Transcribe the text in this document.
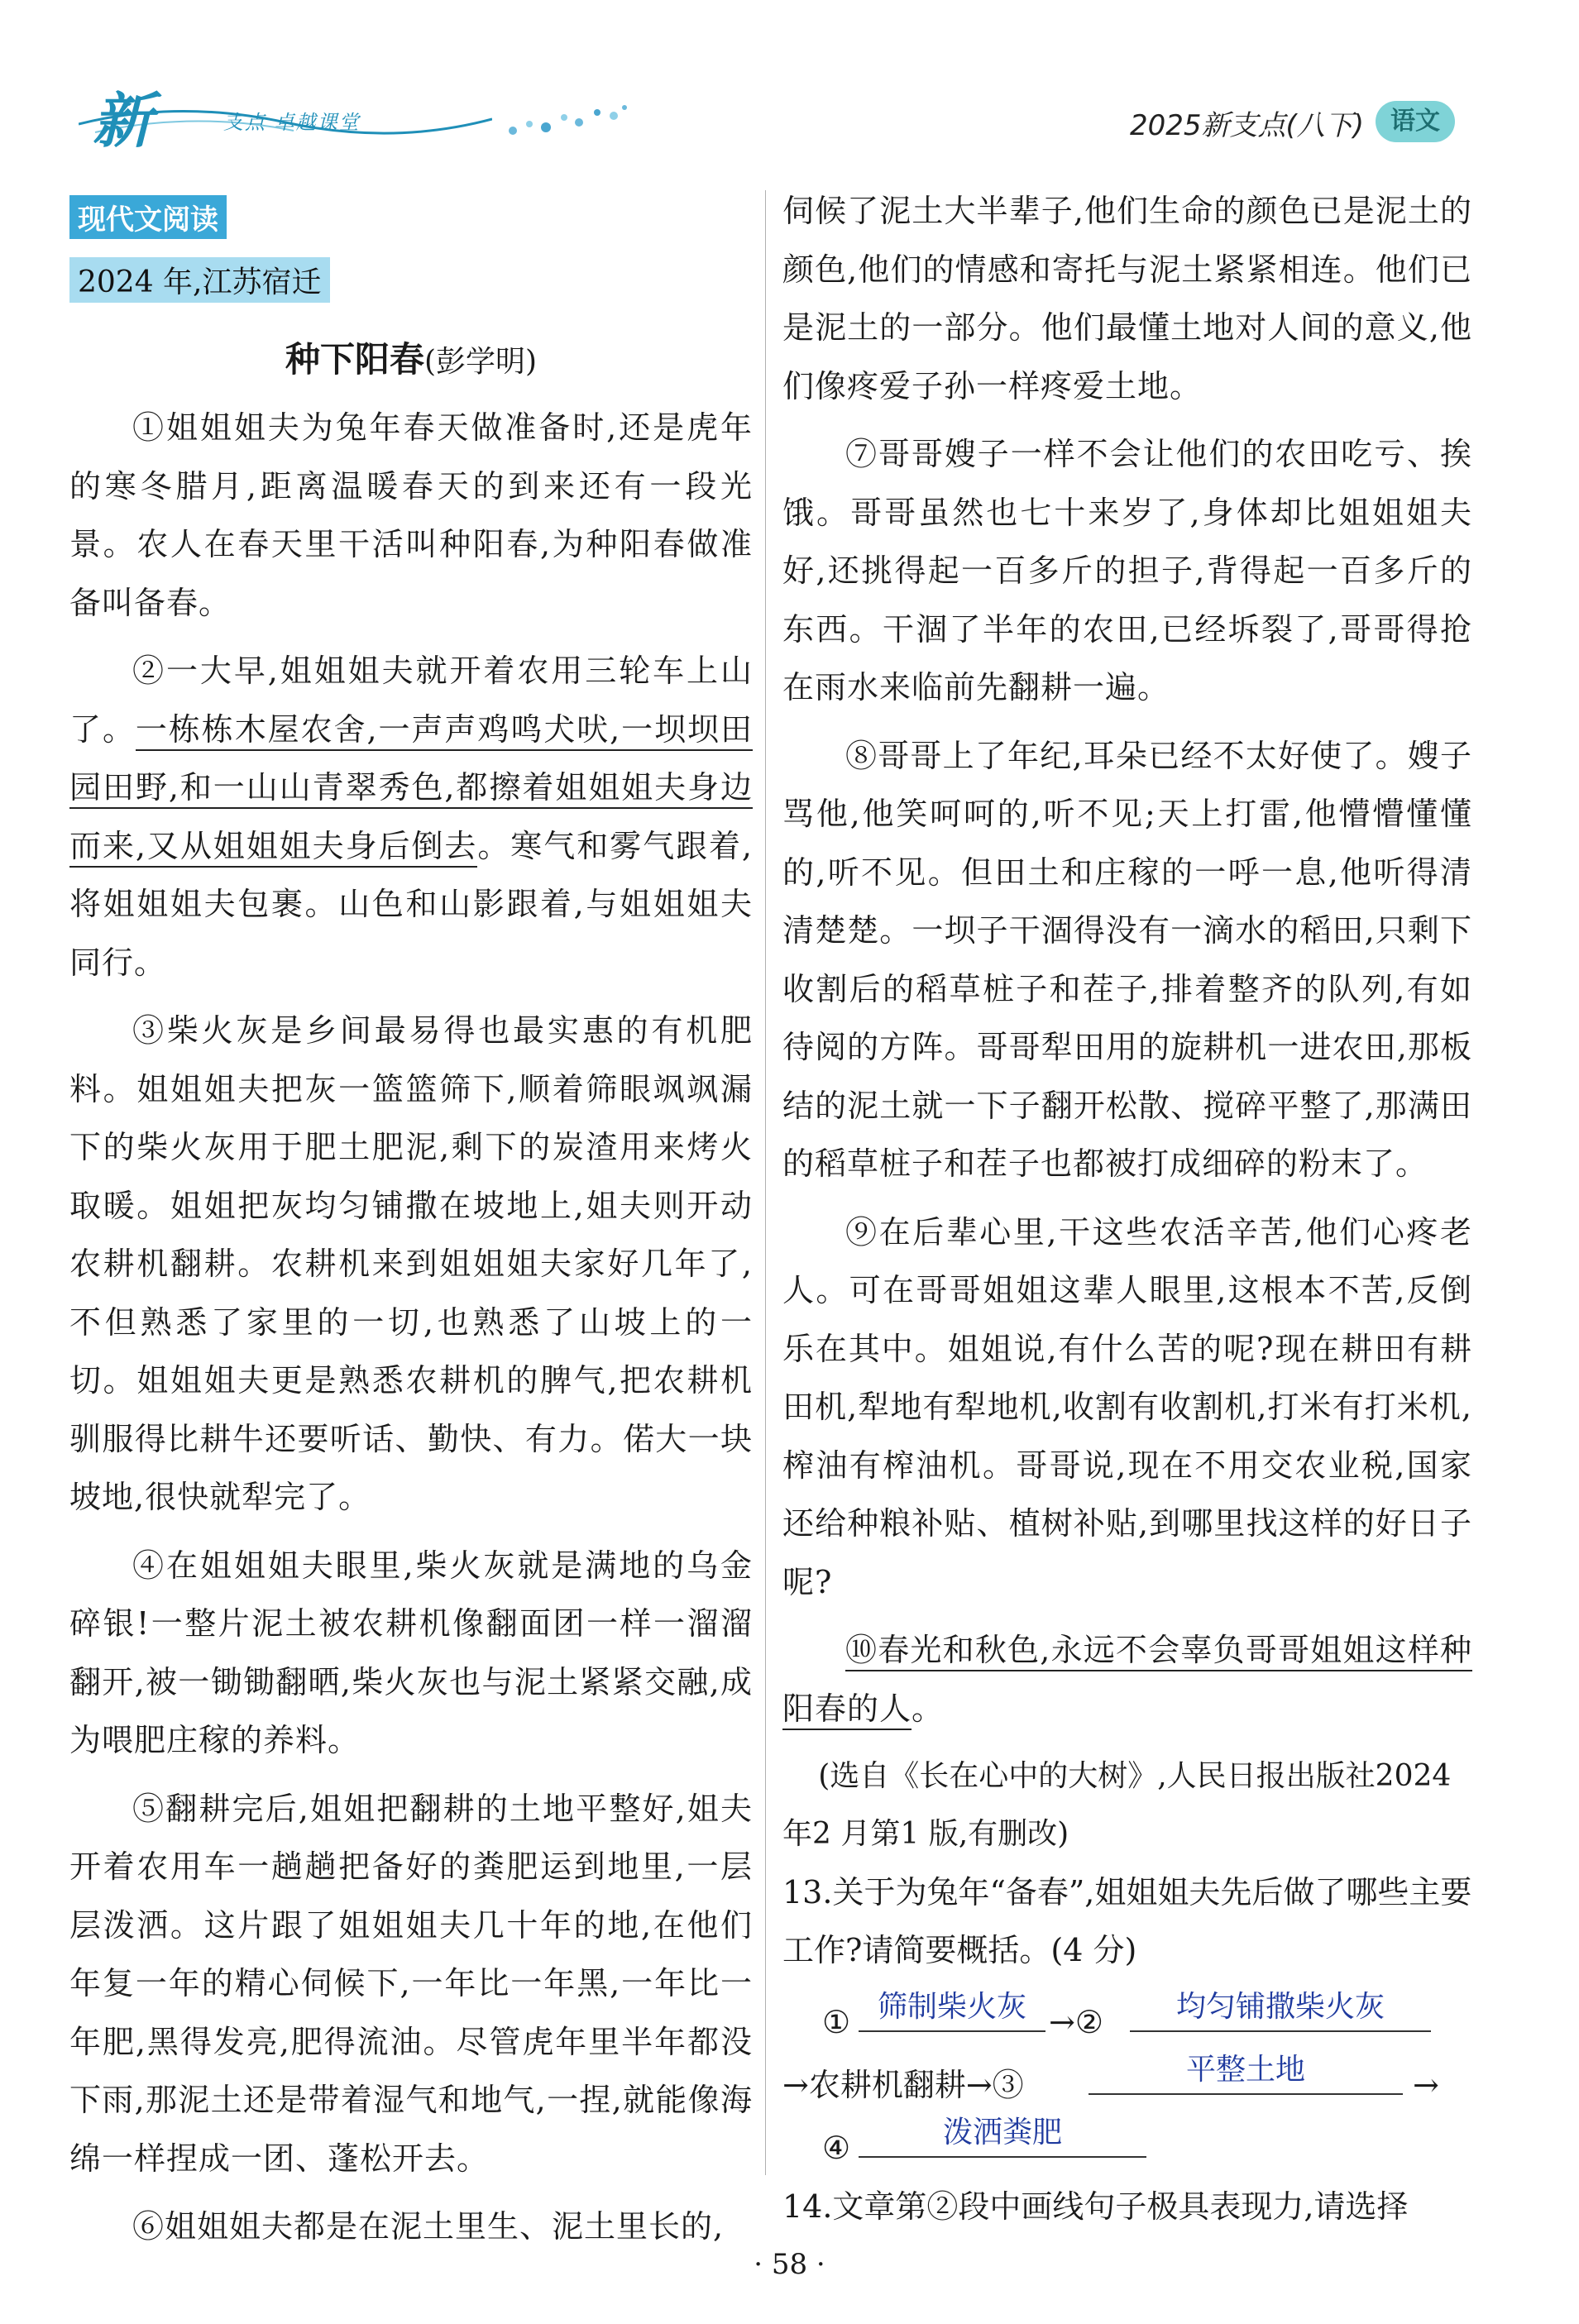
新	支点 卓越课堂	2025新支点(八下)	语文
现代文阅读
2024 年,江苏宿迁
种下阳春(彭学明)

①姐姐姐夫为兔年春天做准备时,还是虎年的寒冬腊月,距离温暖春天的到来还有一段光景。农人在春天里干活叫种阳春,为种阳春做准备叫备春。

②一大早,姐姐姐夫就开着农用三轮车上山了。一栋栋木屋农舍,一声声鸡鸣犬吠,一坝坝田园田野,和一山山青翠秀色,都擦着姐姐姐夫身边而来,又从姐姐姐夫身后倒去。寒气和雾气跟着,将姐姐姐夫包裹。山色和山影跟着,与姐姐姐夫同行。

③柴火灰是乡间最易得也最实惠的有机肥料。姐姐姐夫把灰一篮篮筛下,顺着筛眼飒飒漏下的柴火灰用于肥土肥泥,剩下的炭渣用来烤火取暖。姐姐把灰均匀铺撒在坡地上,姐夫则开动农耕机翻耕。农耕机来到姐姐姐夫家好几年了,不但熟悉了家里的一切,也熟悉了山坡上的一切。姐姐姐夫更是熟悉农耕机的脾气,把农耕机驯服得比耕牛还要听话、勤快、有力。偌大一块坡地,很快就犁完了。

④在姐姐姐夫眼里,柴火灰就是满地的乌金碎银!一整片泥土被农耕机像翻面团一样一溜溜翻开,被一锄锄翻晒,柴火灰也与泥土紧紧交融,成为喂肥庄稼的养料。

⑤翻耕完后,姐姐把翻耕的土地平整好,姐夫开着农用车一趟趟把备好的粪肥运到地里,一层层泼洒。这片跟了姐姐姐夫几十年的地,在他们年复一年的精心伺候下,一年比一年黑,一年比一年肥,黑得发亮,肥得流油。尽管虎年里半年都没下雨,那泥土还是带着湿气和地气,一捏,就能像海绵一样捏成一团、蓬松开去。

⑥姐姐姐夫都是在泥土里生、泥土里长的,

伺候了泥土大半辈子,他们生命的颜色已是泥土的颜色,他们的情感和寄托与泥土紧紧相连。他们已是泥土的一部分。他们最懂土地对人间的意义,他们像疼爱子孙一样疼爱土地。

⑦哥哥嫂子一样不会让他们的农田吃亏、挨饿。哥哥虽然也七十来岁了,身体却比姐姐姐夫好,还挑得起一百多斤的担子,背得起一百多斤的东西。干涸了半年的农田,已经坼裂了,哥哥得抢在雨水来临前先翻耕一遍。

⑧哥哥上了年纪,耳朵已经不太好使了。嫂子骂他,他笑呵呵的,听不见;天上打雷,他懵懵懂懂的,听不见。但田土和庄稼的一呼一息,他听得清清楚楚。一坝子干涸得没有一滴水的稻田,只剩下收割后的稻草桩子和茬子,排着整齐的队列,有如待阅的方阵。哥哥犁田用的旋耕机一进农田,那板结的泥土就一下子翻开松散、搅碎平整了,那满田的稻草桩子和茬子也都被打成细碎的粉末了。

⑨在后辈心里,干这些农活辛苦,他们心疼老人。可在哥哥姐姐这辈人眼里,这根本不苦,反倒乐在其中。姐姐说,有什么苦的呢?现在耕田有耕田机,犁地有犁地机,收割有收割机,打米有打米机,榨油有榨油机。哥哥说,现在不用交农业税,国家还给种粮补贴、植树补贴,到哪里找这样的好日子呢?

⑩春光和秋色,永远不会辜负哥哥姐姐这样种阳春的人。

(选自《长在心中的大树》,人民日报出版社2024 年2 月第1 版,有删改)

13.关于为兔年“备春”,姐姐姐夫先后做了哪些主要工作?请简要概括。(4 分)
① 筛制柴火灰 →②	均匀铺撒柴火灰
→农耕机翻耕→③	平整土地	→
④	泼洒粪肥
14.文章第②段中画线句子极具表现力,请选择
· 58 ·
